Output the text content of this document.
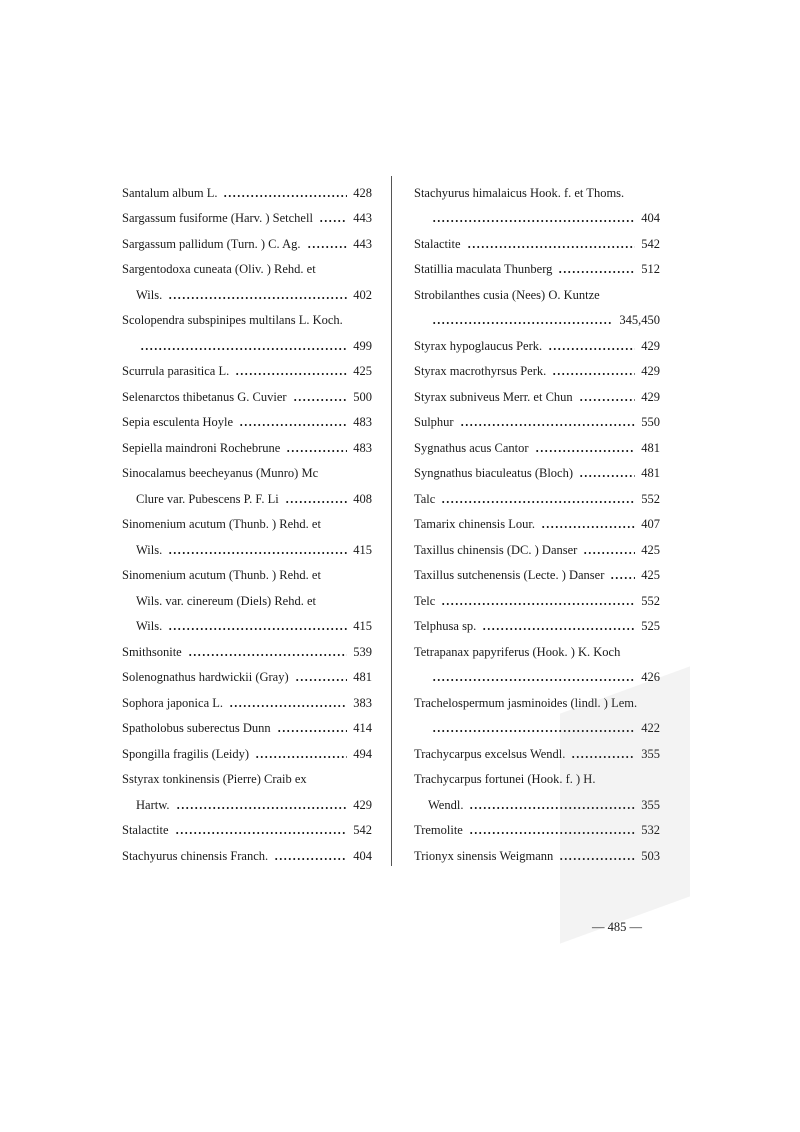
Santalum album L.	428
Sargassum fusiforme (Harv. ) Setchell	443
Sargassum pallidum (Turn. ) C. Ag.	443
Sargentodoxa cuneata (Oliv. ) Rehd. et
Wils.	402
Scolopendra subspinipes multilans L. Koch.
499
Scurrula parasitica L.	425
Selenarctos thibetanus G. Cuvier	500
Sepia esculenta Hoyle	483
Sepiella maindroni Rochebrune	483
Sinocalamus beecheyanus (Munro) Mc
Clure var. Pubescens P. F. Li	408
Sinomenium acutum (Thunb. ) Rehd. et
Wils.	415
Sinomenium acutum (Thunb. ) Rehd. et
Wils. var. cinereum (Diels) Rehd. et
Wils.	415
Smithsonite	539
Solenognathus hardwickii (Gray)	481
Sophora japonica L.	383
Spatholobus suberectus Dunn	414
Spongilla fragilis (Leidy)	494
Sstyrax tonkinensis (Pierre) Craib ex
Hartw.	429
Stalactite	542
Stachyurus chinensis Franch.	404
Stachyurus himalaicus Hook. f. et Thoms.
404
Stalactite	542
Statillia maculata Thunberg	512
Strobilanthes cusia (Nees) O. Kuntze
345,450
Styrax hypoglaucus Perk.	429
Styrax macrothyrsus Perk.	429
Styrax subniveus Merr. et Chun	429
Sulphur	550
Sygnathus acus Cantor	481
Syngnathus biaculeatus (Bloch)	481
Talc	552
Tamarix chinensis Lour.	407
Taxillus chinensis (DC. ) Danser	425
Taxillus sutchenensis (Lecte. ) Danser	425
Telc	552
Telphusa sp.	525
Tetrapanax papyriferus (Hook. ) K. Koch
426
Trachelospermum jasminoides (lindl. ) Lem.
422
Trachycarpus excelsus Wendl.	355
Trachycarpus fortunei (Hook. f. ) H.
Wendl.	355
Tremolite	532
Trionyx sinensis Weigmann	503
— 485 —
